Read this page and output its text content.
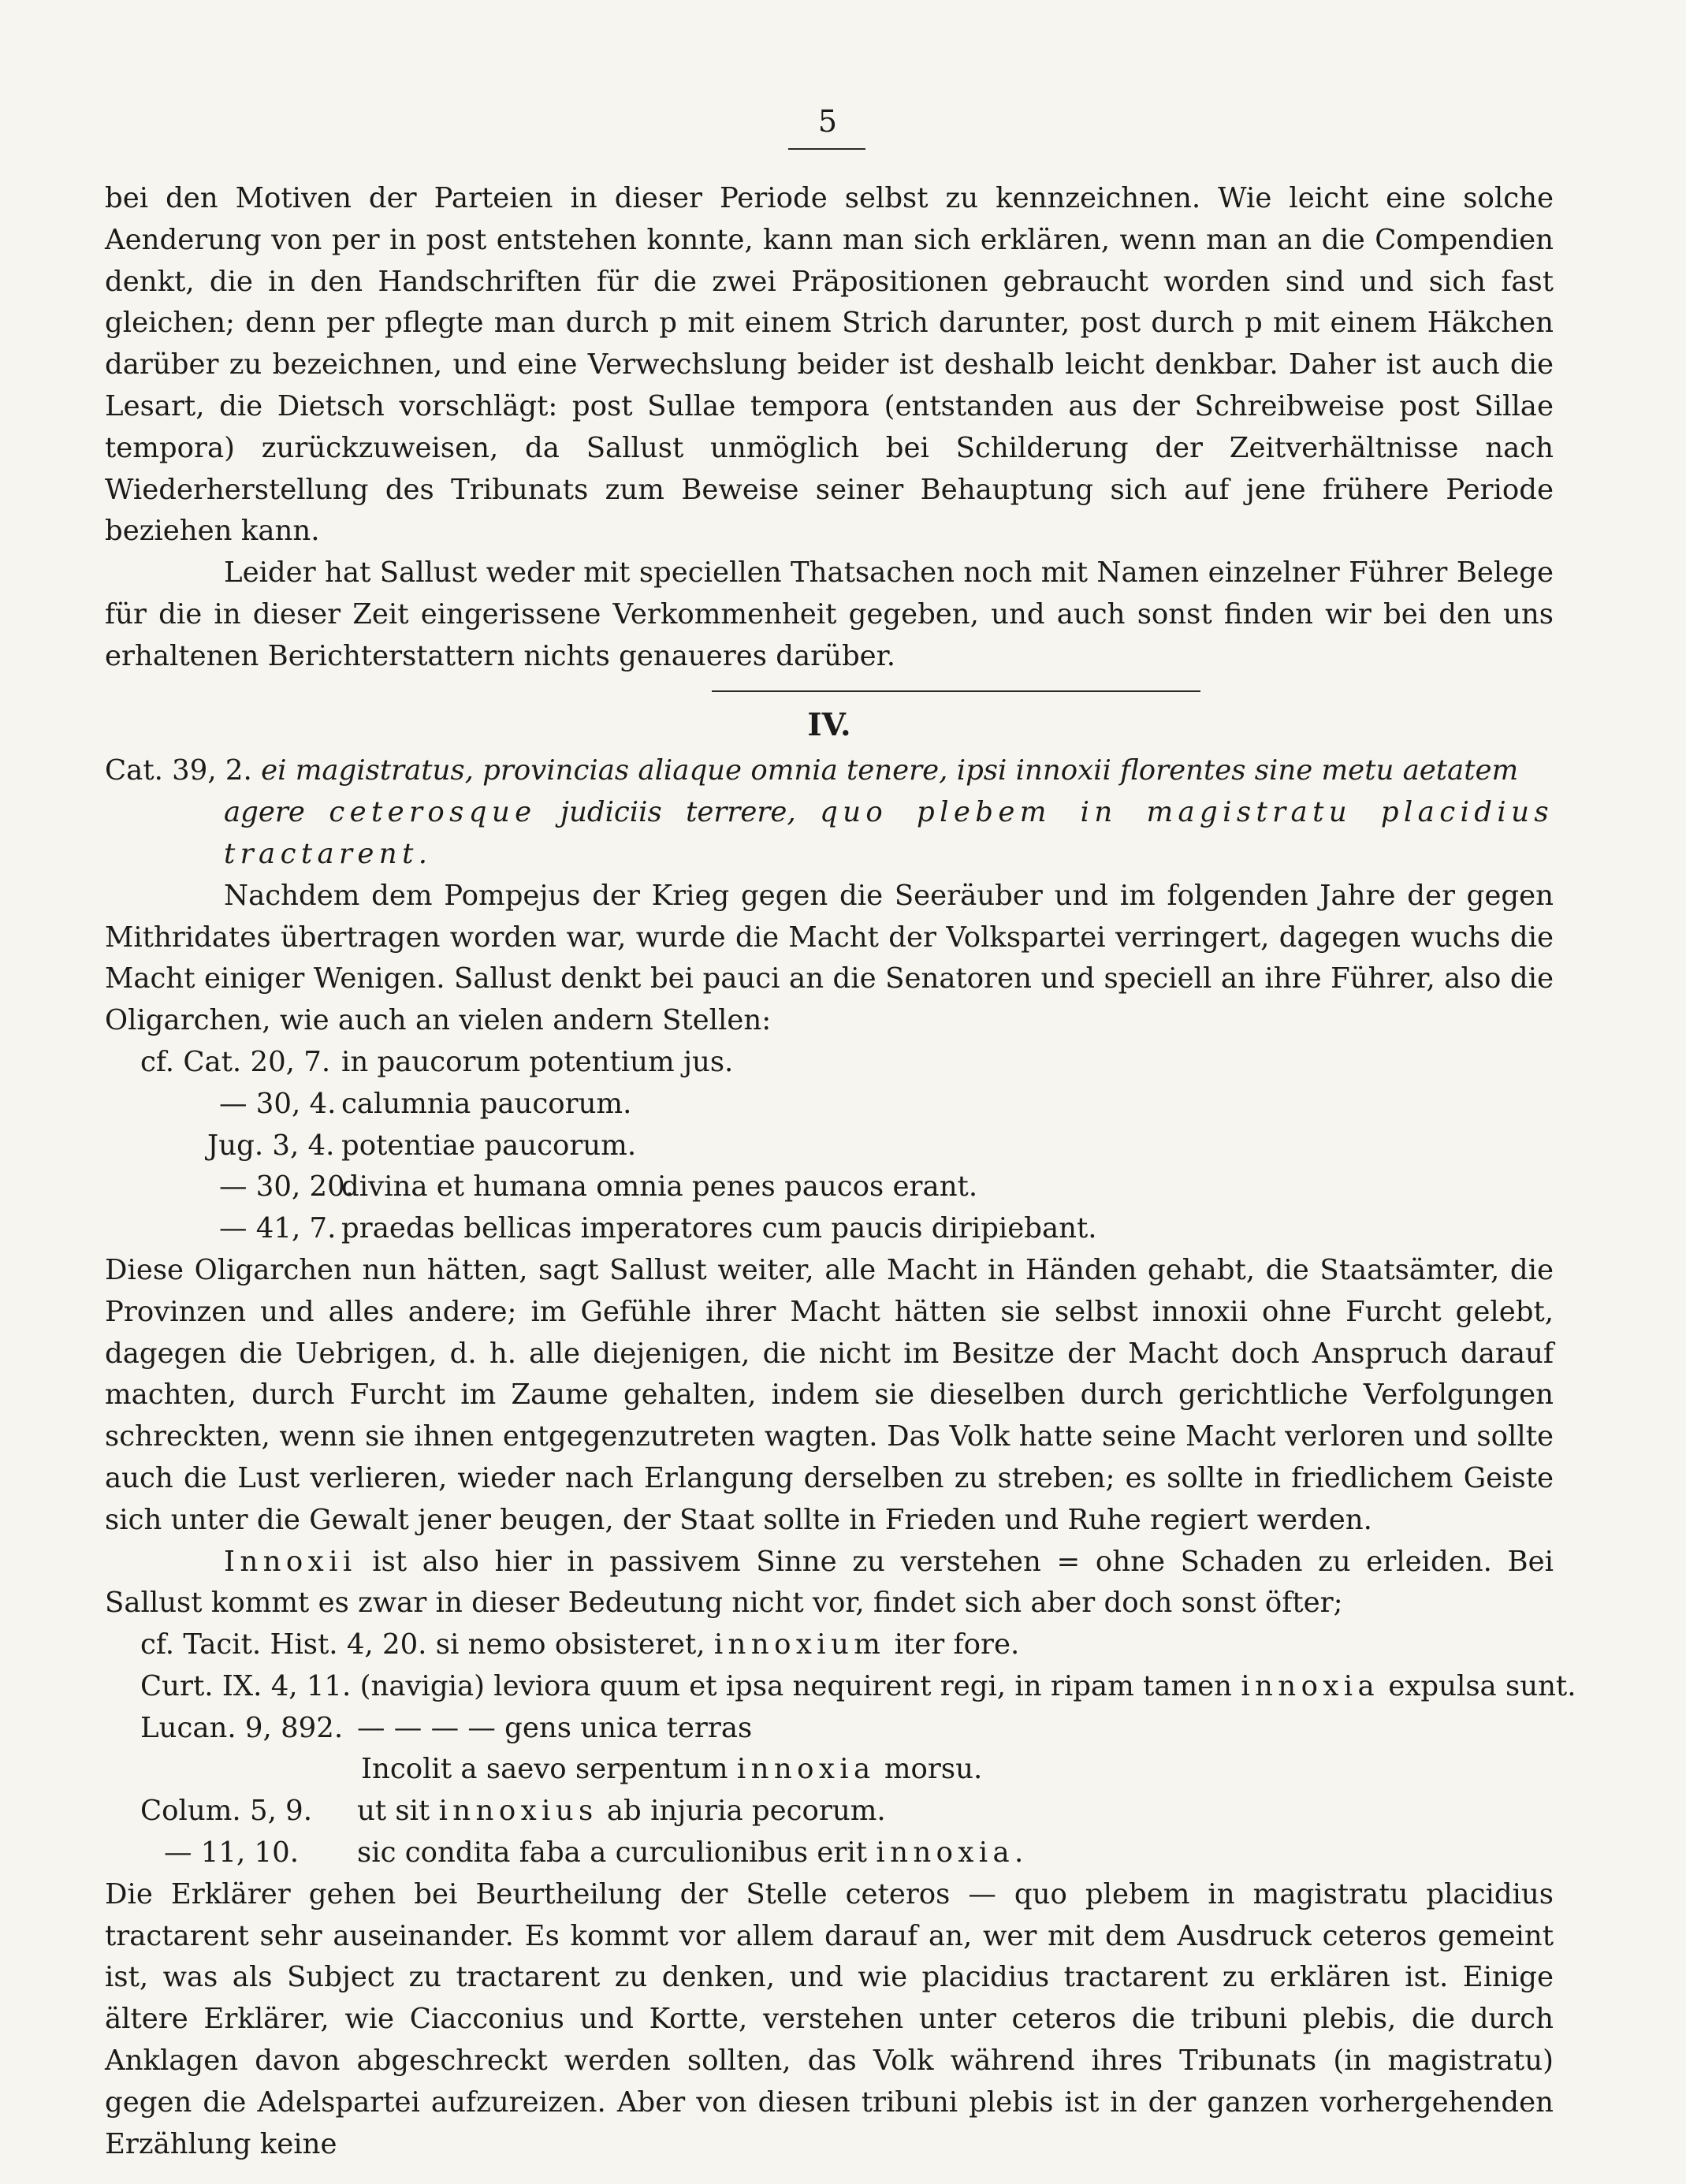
5

bei den Motiven der Parteien in dieser Periode selbst zu kennzeichnen. Wie leicht eine solche Aenderung von per in post entstehen konnte, kann man sich erklären, wenn man an die Compendien denkt, die in den Handschriften für die zwei Präpositionen gebraucht worden sind und sich fast gleichen; denn per pflegte man durch p mit einem Strich darunter, post durch p mit einem Häkchen darüber zu bezeichnen, und eine Verwechslung beider ist deshalb leicht denkbar. Daher ist auch die Lesart, die Dietsch vorschlägt: post Sullae tempora (entstanden aus der Schreibweise post Sillae tempora) zurückzuweisen, da Sallust unmöglich bei Schilderung der Zeitverhältnisse nach Wiederherstellung des Tribunats zum Beweise seiner Behauptung sich auf jene frühere Periode beziehen kann.

Leider hat Sallust weder mit speciellen Thatsachen noch mit Namen einzelner Führer Belege für die in dieser Zeit eingerissene Verkommenheit gegeben, und auch sonst finden wir bei den uns erhaltenen Berichterstattern nichts genaueres darüber.

IV.
Cat. 39, 2. ei magistratus, provincias aliaque omnia tenere, ipsi innoxii florentes sine metu aetatem
agere ceterosque judiciis terrere, quo plebem in magistratu placidius tractarent.

Nachdem dem Pompejus der Krieg gegen die Seeräuber und im folgenden Jahre der gegen Mithridates übertragen worden war, wurde die Macht der Volkspartei verringert, dagegen wuchs die Macht einiger Wenigen. Sallust denkt bei pauci an die Senatoren und speciell an ihre Führer, also die Oligarchen, wie auch an vielen andern Stellen:

cf. Cat. 20, 7. in paucorum potentium jus.
— 30, 4. calumnia paucorum.
Jug. 3, 4. potentiae paucorum.
— 30, 20.divina et humana omnia penes paucos erant.
— 41, 7. praedas bellicas imperatores cum paucis diripiebant.

Diese Oligarchen nun hätten, sagt Sallust weiter, alle Macht in Händen gehabt, die Staatsämter, die Provinzen und alles andere; im Gefühle ihrer Macht hätten sie selbst innoxii ohne Furcht gelebt, dagegen die Uebrigen, d. h. alle diejenigen, die nicht im Besitze der Macht doch Anspruch darauf machten, durch Furcht im Zaume gehalten, indem sie dieselben durch gerichtliche Verfolgungen schreckten, wenn sie ihnen entgegenzutreten wagten. Das Volk hatte seine Macht verloren und sollte auch die Lust verlieren, wieder nach Erlangung derselben zu streben; es sollte in friedlichem Geiste sich unter die Gewalt jener beugen, der Staat sollte in Frieden und Ruhe regiert werden.

Innoxii ist also hier in passivem Sinne zu verstehen = ohne Schaden zu erleiden. Bei Sallust kommt es zwar in dieser Bedeutung nicht vor, findet sich aber doch sonst öfter;

cf. Tacit. Hist. 4, 20. si nemo obsisteret, innoxium iter fore.
Curt. IX. 4, 11. (navigia) leviora quum et ipsa nequirent regi, in ripam tamen innoxia expulsa sunt.
Lucan. 9, 892. — — — — gens unica terras
Incolit a saevo serpentum innoxia morsu.
Colum. 5, 9. ut sit innoxius ab injuria pecorum.
— 11, 10. sic condita faba a curculionibus erit innoxia.

Die Erklärer gehen bei Beurtheilung der Stelle ceteros — quo plebem in magistratu placidius tractarent sehr auseinander. Es kommt vor allem darauf an, wer mit dem Ausdruck ceteros gemeint ist, was als Subject zu tractarent zu denken, und wie placidius tractarent zu erklären ist. Einige ältere Erklärer, wie Ciacconius und Kortte, verstehen unter ceteros die tribuni plebis, die durch Anklagen davon abgeschreckt werden sollten, das Volk während ihres Tribunats (in magistratu) gegen die Adelspartei aufzureizen. Aber von diesen tribuni plebis ist in der ganzen vorhergehenden Erzählung keine
